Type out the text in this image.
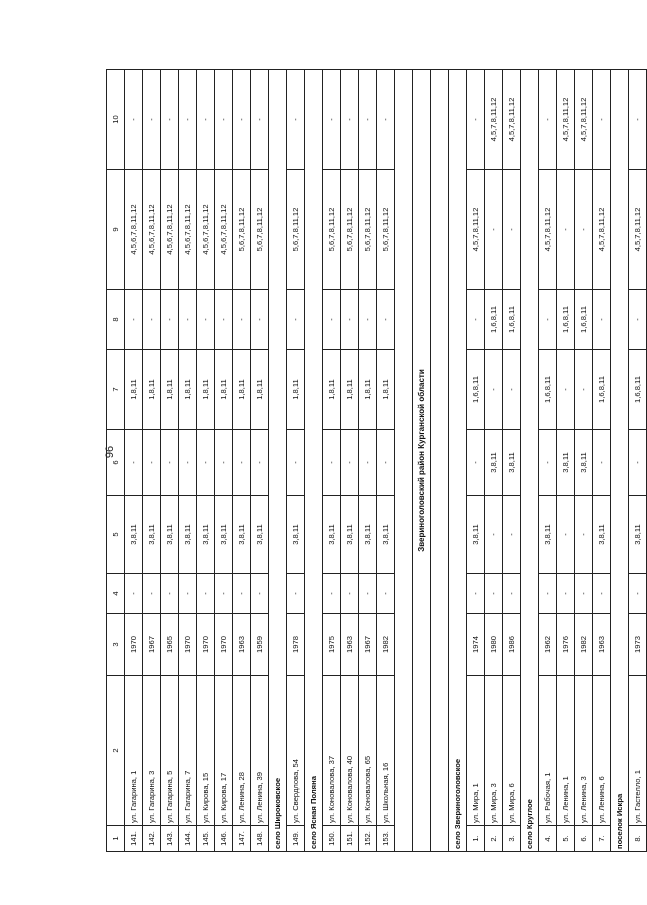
96
1	2	3	4	5	6	7	8	9	10
141.	ул. Гагарина, 1	1970	-	3,8,11	-	1,8,11	-	4,5,6,7,8,11,12	-
142.	ул. Гагарина, 3	1967	-	3,8,11	-	1,8,11	-	4,5,6,7,8,11,12	-
143.	ул. Гагарина, 5	1965	-	3,8,11	-	1,8,11	-	4,5,6,7,8,11,12	-
144.	ул. Гагарина, 7	1970	-	3,8,11	-	1,8,11	-	4,5,6,7,8,11,12	-
145.	ул. Кирова, 15	1970	-	3,8,11	-	1,8,11	-	4,5,6,7,8,11,12	-
146.	ул. Кирова, 17	1970	-	3,8,11	-	1,8,11	-	4,5,6,7,8,11,12	-
147.	ул. Ленина, 28	1963	-	3,8,11	-	1,8,11	-	5,6,7,8,11,12	-
148.	ул. Ленина, 39	1959	-	3,8,11	-	1,8,11	-	5,6,7,8,11,12	-
село Широковское									
149.	ул. Свердлова, 54	1978	-	3,8,11	-	1,8,11	-	5,6,7,8,11,12	-
село Ясная Поляна									
150.	ул. Коновалова, 37	1975	-	3,8,11	-	1,8,11	-	5,6,7,8,11,12	-
151.	ул. Коновалова, 40	1963	-	3,8,11	-	1,8,11	-	5,6,7,8,11,12	-
152.	ул. Коновалова, 65	1967	-	3,8,11	-	1,8,11	-	5,6,7,8,11,12	-
153.	ул. Школьная, 16	1982	-	3,8,11	-	1,8,11	-	5,6,7,8,11,12	-

Звериноголовский район Курганской области									

село Звериноголовское									
1.	ул. Мира, 1	1974	-	3,8,11	-	1,6,8,11	-	4,5,7,8,11,12	-
2.	ул. Мира, 3	1980	-	-	3,8,11	-	1,6,8,11	-	4,5,7,8,11,12
3.	ул. Мира, 6	1986	-	-	3,8,11	-	1,6,8,11	-	4,5,7,8,11,12
село Круглое									
4.	ул. Рабочая, 1	1962	-	3,8,11	-	1,6,8,11	-	4,5,7,8,11,12	-
5.	ул. Ленина, 1	1976	-	-	3,8,11	-	1,6,8,11	-	4,5,7,8,11,12
6.	ул. Ленина, 3	1982	-	-	3,8,11	-	1,6,8,11	-	4,5,7,8,11,12
7.	ул. Ленина, 6	1963	-	3,8,11	-	1,6,8,11	-	4,5,7,8,11,12	-
поселок Искра									
8.	ул. Гастелло, 1	1973	-	3,8,11	-	1,6,8,11	-	4,5,7,8,11,12	-
